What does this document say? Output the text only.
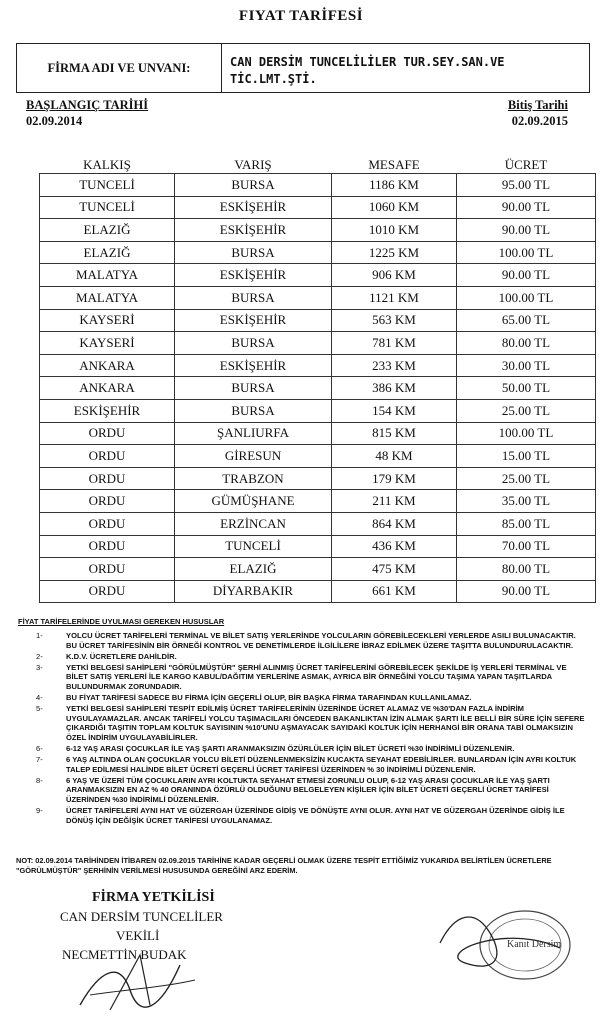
FIYAT TARİFESİ
FİRMA ADI VE UNVANI:	CAN DERSİM TUNCELİLİLER TUR.SEY.SAN.VE
TİC.LMT.ŞTİ.
BAŞLANGIÇ TARİHİ	Bitiş Tarihi
02.09.2014	02.09.2015
KALKIŞ	VARIŞ	MESAFE	ÜCRET
TUNCELİ	BURSA	1186 KM	95.00 TL
TUNCELİ	ESKİŞEHİR	1060 KM	90.00 TL
ELAZIĞ	ESKİŞEHİR	1010 KM	90.00 TL
ELAZIĞ	BURSA	1225 KM	100.00 TL
MALATYA	ESKİŞEHİR	906 KM	90.00 TL
MALATYA	BURSA	1121 KM	100.00 TL
KAYSERİ	ESKİŞEHİR	563 KM	65.00 TL
KAYSERİ	BURSA	781 KM	80.00 TL
ANKARA	ESKİŞEHİR	233 KM	30.00 TL
ANKARA	BURSA	386 KM	50.00 TL
ESKİŞEHİR	BURSA	154 KM	25.00 TL
ORDU	ŞANLIURFA	815 KM	100.00 TL
ORDU	GİRESUN	48 KM	15.00 TL
ORDU	TRABZON	179 KM	25.00 TL
ORDU	GÜMÜŞHANE	211 KM	35.00 TL
ORDU	ERZİNCAN	864 KM	85.00 TL
ORDU	TUNCELİ	436 KM	70.00 TL
ORDU	ELAZIĞ	475 KM	80.00 TL
ORDU	DİYARBAKIR	661 KM	90.00 TL
FİYAT TARİFELERİNDE UYULMASI GEREKEN HUSUSLAR
1-	YOLCU ÜCRET TARİFELERİ TERMİNAL VE BİLET SATIŞ YERLERİNDE YOLCULARIN GÖREBİLECEKLERİ YERLERDE ASILI BULUNACAKTIR. BU ÜCRET TARİFESİNİN BİR ÖRNEĞİ KONTROL VE DENETİMLERDE İLGİLİLERE İBRAZ EDİLMEK ÜZERE TAŞITTA BULUNDURULACAKTIR.
2-	K.D.V. ÜCRETLERE DAHİLDİR.
3-	YETKİ BELGESİ SAHİPLERİ "GÖRÜLMÜŞTÜR" ŞERHİ ALINMIŞ ÜCRET TARİFELERİNİ GÖREBİLECEK ŞEKİLDE İŞ YERLERİ TERMİNAL VE BİLET SATIŞ YERLERİ İLE KARGO KABUL/DAĞITIM YERLERİNE ASMAK, AYRICA BİR ÖRNEĞİNİ YOLCU TAŞIMA YAPAN TAŞITLARDA BULUNDURMAK ZORUNDADIR.
4-	BU FİYAT TARİFESİ SADECE BU FİRMA İÇİN GEÇERLİ OLUP, BİR BAŞKA FİRMA TARAFINDAN KULLANILAMAZ.
5-	YETKİ BELGESİ SAHİPLERİ TESPİT EDİLMİŞ ÜCRET TARİFELERİNİN ÜZERİNDE ÜCRET ALAMAZ VE %30'DAN FAZLA İNDİRİM UYGULAYAMAZLAR. ANCAK TARİFELİ YOLCU TAŞIMACILARI ÖNCEDEN BAKANLIKTAN İZİN ALMAK ŞARTI İLE BELLİ BİR SÜRE İÇİN SEFERE ÇIKARDIĞI TAŞITIN TOPLAM KOLTUK SAYISININ %10'UNU AŞMAYACAK SAYIDAKİ KOLTUK İÇİN HERHANGİ BİR ORANA TABİ OLMAKSIZIN ÖZEL İNDİRİM UYGULAYABİLİRLER.
6-	6-12 YAŞ ARASI ÇOCUKLAR İLE YAŞ ŞARTI ARANMAKSIZIN ÖZÜRLÜLER İÇİN BİLET ÜCRETİ %30 İNDİRİMLİ DÜZENLENİR.
7-	6 YAŞ ALTINDA OLAN ÇOCUKLAR YOLCU BİLETİ DÜZENLENMEKSİZİN KUCAKTA SEYAHAT EDEBİLİRLER. BUNLARDAN İÇİN AYRI KOLTUK TALEP EDİLMESİ HALİNDE BİLET ÜCRETİ GEÇERLİ ÜCRET TARİFESİ ÜZERİNDEN % 30 İNDİRİMLİ DÜZENLENİR.
8-	6 YAŞ VE ÜZERİ TÜM ÇOCUKLARIN AYRI KOLTUKTA SEYAHAT ETMESİ ZORUNLU OLUP, 6-12 YAŞ ARASI ÇOCUKLAR İLE YAŞ ŞARTI ARANMAKSIZIN EN AZ % 40 ORANINDA ÖZÜRLÜ OLDUĞUNU BELGELEYEN KİŞİLER İÇİN BİLET ÜCRETİ GEÇERLİ ÜCRET TARİFESİ ÜZERİNDEN %30 İNDİRİMLİ DÜZENLENİR.
9-	ÜCRET TARİFELERİ AYNI HAT VE GÜZERGAH ÜZERİNDE GİDİŞ VE DÖNÜŞTE AYNI OLUR. AYNI HAT VE GÜZERGAH ÜZERİNDE GİDİŞ İLE DÖNÜŞ İÇİN DEĞİŞİK ÜCRET TARİFESİ UYGULANAMAZ.
NOT: 02.09.2014 TARİHİNDEN İTİBAREN 02.09.2015 TARİHİNE KADAR GEÇERLİ OLMAK ÜZERE TESPİT ETTİĞİMİZ YUKARIDA BELİRTİLEN ÜCRETLERE "GÖRÜLMÜŞTÜR" ŞERHİNİN VERİLMESİ HUSUSUNDA GEREĞİNİ ARZ EDERİM.
FİRMA YETKİLİSİ
CAN DERSİM TUNCELİLER
VEKİLİ
NECMETTİN BUDAK
Kanıt Dersim
